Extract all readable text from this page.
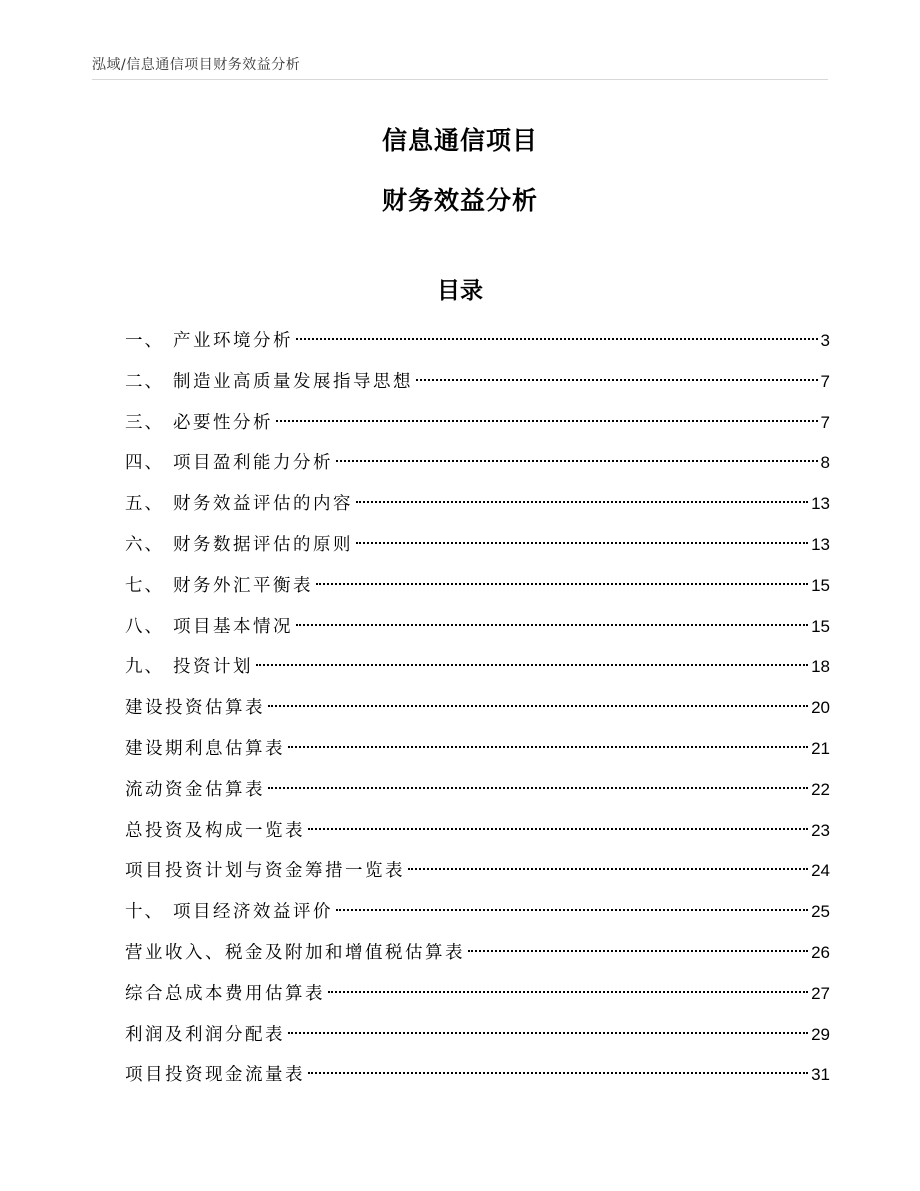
泓域/信息通信项目财务效益分析
信息通信项目
财务效益分析
目录
一、 产业环境分析	3
二、 制造业高质量发展指导思想	7
三、 必要性分析	7
四、 项目盈利能力分析	8
五、 财务效益评估的内容	13
六、 财务数据评估的原则	13
七、 财务外汇平衡表	15
八、 项目基本情况	15
九、 投资计划	18
建设投资估算表	20
建设期利息估算表	21
流动资金估算表	22
总投资及构成一览表	23
项目投资计划与资金筹措一览表	24
十、 项目经济效益评价	25
营业收入、税金及附加和增值税估算表	26
综合总成本费用估算表	27
利润及利润分配表	29
项目投资现金流量表	31
